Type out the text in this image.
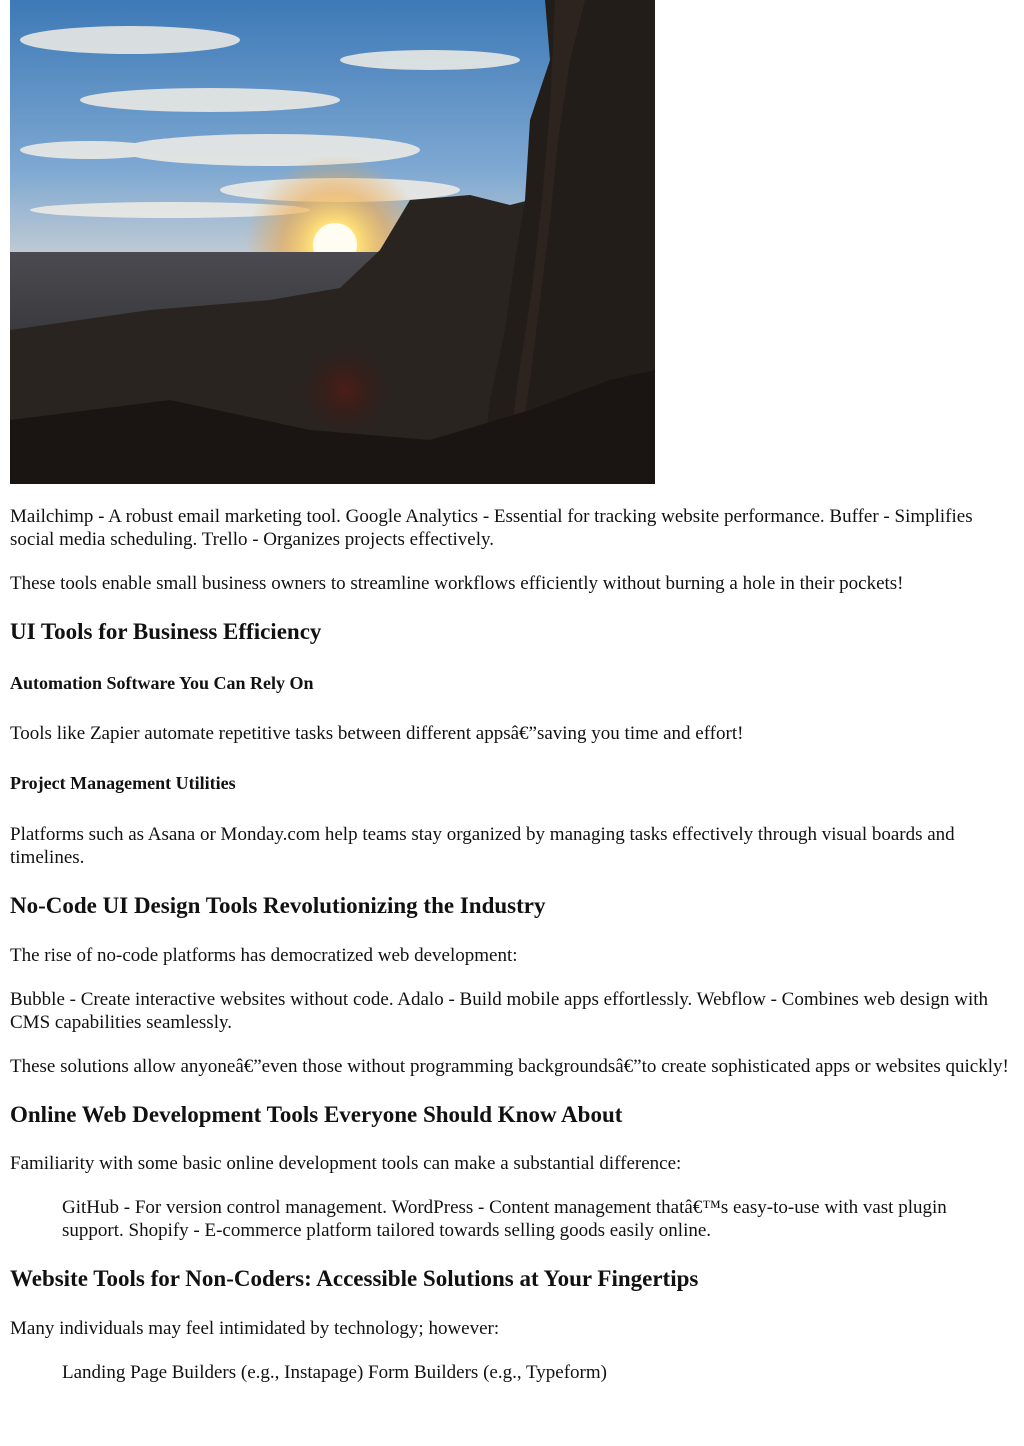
Mailchimp - A robust email marketing tool. Google Analytics - Essential for tracking website performance. Buffer - Simplifies social media scheduling. Trello - Organizes projects effectively.

These tools enable small business owners to streamline workflows efficiently without burning a hole in their pockets!

UI Tools for Business Efficiency
Automation Software You Can Rely On

Tools like Zapier automate repetitive tasks between different appsâ€”saving you time and effort!

Project Management Utilities

Platforms such as Asana or Monday.com help teams stay organized by managing tasks effectively through visual boards and timelines.

No-Code UI Design Tools Revolutionizing the Industry

The rise of no-code platforms has democratized web development:

Bubble - Create interactive websites without code. Adalo - Build mobile apps effortlessly. Webflow - Combines web design with CMS capabilities seamlessly.

These solutions allow anyoneâ€”even those without programming backgroundsâ€”to create sophisticated apps or websites quickly!

Online Web Development Tools Everyone Should Know About

Familiarity with some basic online development tools can make a substantial difference:

GitHub - For version control management. WordPress - Content management thatâ€™s easy-to-use with vast plugin support. Shopify - E-commerce platform tailored towards selling goods easily online.
Website Tools for Non-Coders: Accessible Solutions at Your Fingertips

Many individuals may feel intimidated by technology; however:

Landing Page Builders (e.g., Instapage) Form Builders (e.g., Typeform)
